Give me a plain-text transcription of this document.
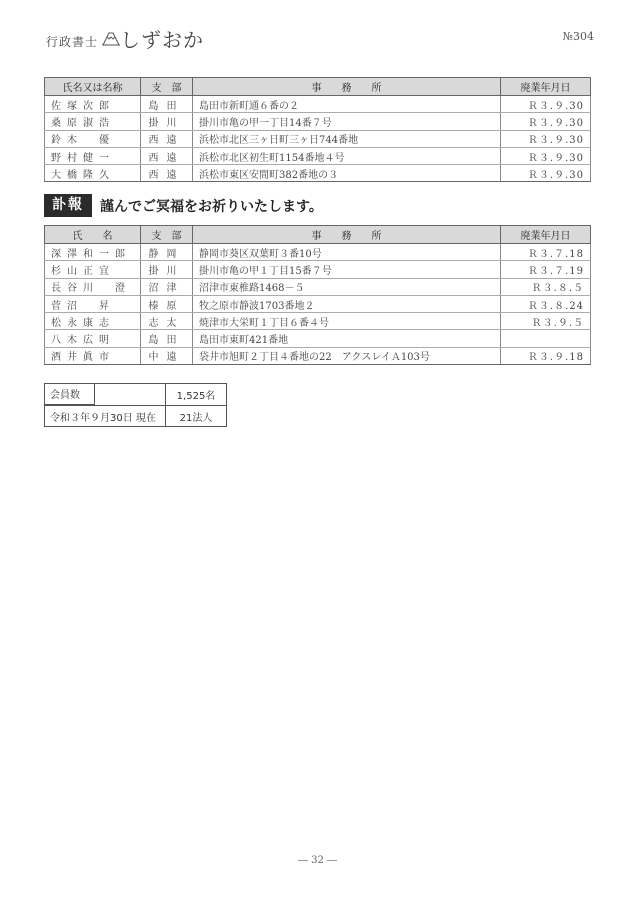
行政書士 しずおか	№304
氏名又は名称	支　部	事　　務　　所	廃業年月日
佐塚次郎	島田	島田市新町通６番の２	Ｒ３.９.30
桑原淑浩	掛川	掛川市亀の甲一丁目14番７号	Ｒ３.９.30
鈴木　優	西遠	浜松市北区三ヶ日町三ヶ日744番地	Ｒ３.９.30
野村健一	西遠	浜松市北区初生町1154番地４号	Ｒ３.９.30
大橋隆久	西遠	浜松市東区安間町382番地の３	Ｒ３.９.30
訃報	謹んでご冥福をお祈りいたします。
氏　　名	支　部	事　　務　　所	廃業年月日
深澤和一郎	静岡	静岡市葵区双葉町３番10号	Ｒ３.７.18
杉山正宜	掛川	掛川市亀の甲１丁目15番７号	Ｒ３.７.19
長谷川　澄	沼津	沼津市東椎路1468－５	Ｒ３.８.５
菅沼　昇	榛原	牧之原市静波1703番地２	Ｒ３.８.24
松永康志	志太	焼津市大栄町１丁目６番４号	Ｒ３.９.５
八木広明	島田	島田市東町421番地	
酒井眞市	中遠	袋井市旭町２丁目４番地の22　アクスレイＡ103号	Ｒ３.９.18
会員数	1,525名
令和３年９月30日 現在	21法人
― 32 ―
